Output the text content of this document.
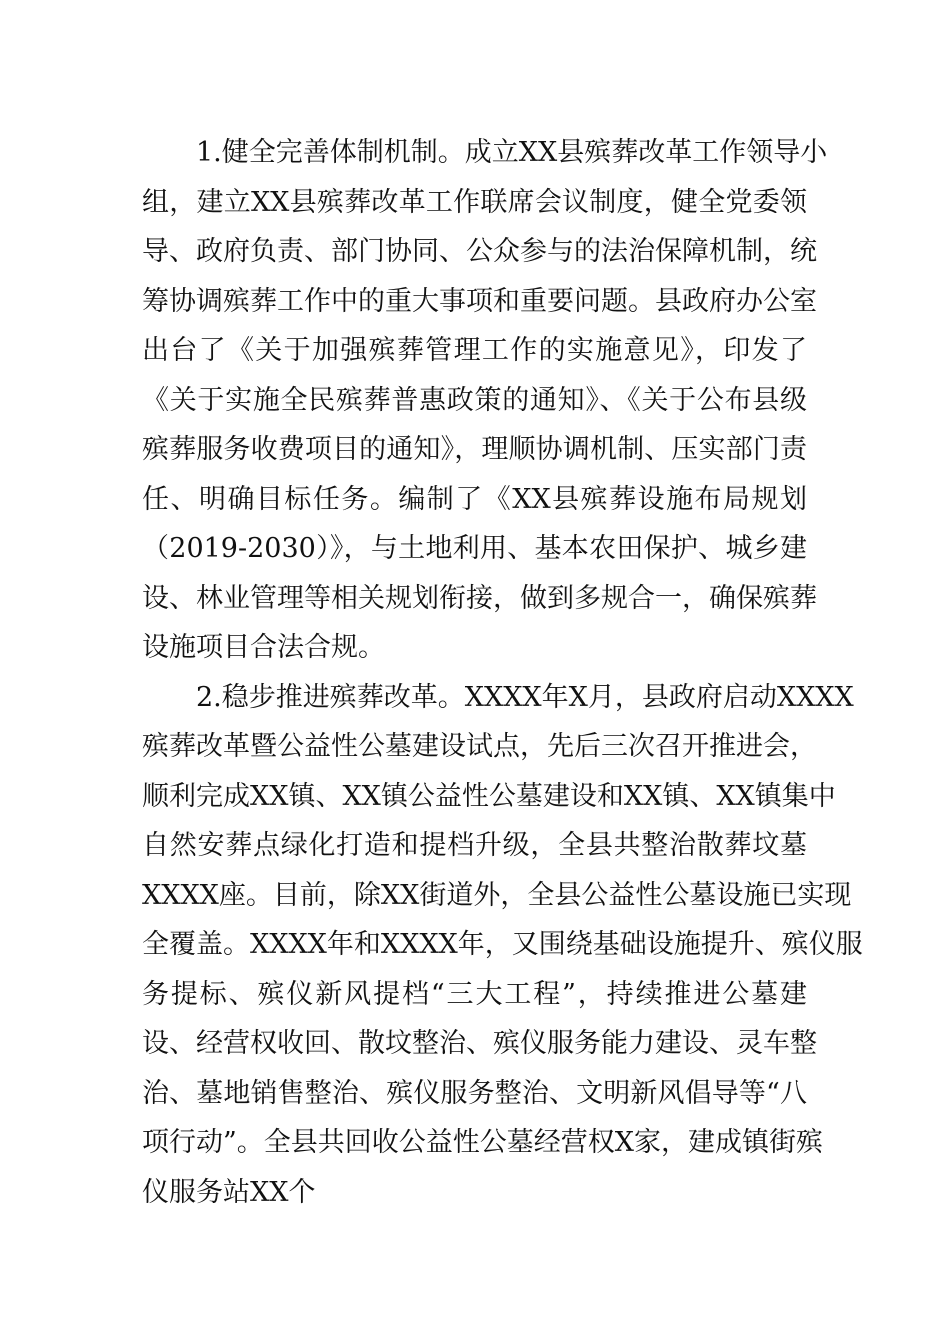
1.健全完善体制机制。成立XX县殡葬改革工作领导小
组，建立XX县殡葬改革工作联席会议制度，健全党委领
导、政府负责、部门协同、公众参与的法治保障机制，统
筹协调殡葬工作中的重大事项和重要问题。县政府办公室
出台了《关于加强殡葬管理工作的实施意见》，印发了
《关于实施全民殡葬普惠政策的通知》、《关于公布县级
殡葬服务收费项目的通知》，理顺协调机制、压实部门责
任、明确目标任务。编制了《XX县殡葬设施布局规划
（2019-2030）》，与土地利用、基本农田保护、城乡建
设、林业管理等相关规划衔接，做到多规合一，确保殡葬
设施项目合法合规。
2.稳步推进殡葬改革。XXXX年X月，县政府启动XXXX
殡葬改革暨公益性公墓建设试点，先后三次召开推进会，
顺利完成XX镇、XX镇公益性公墓建设和XX镇、XX镇集中
自然安葬点绿化打造和提档升级，全县共整治散葬坟墓
XXXX座。目前，除XX街道外，全县公益性公墓设施已实现
全覆盖。XXXX年和XXXX年，又围绕基础设施提升、殡仪服
务提标、殡仪新风提档“三大工程”，持续推进公墓建
设、经营权收回、散坟整治、殡仪服务能力建设、灵车整
治、墓地销售整治、殡仪服务整治、文明新风倡导等“八
项行动”。全县共回收公益性公墓经营权X家，建成镇街殡
仪服务站XX个
